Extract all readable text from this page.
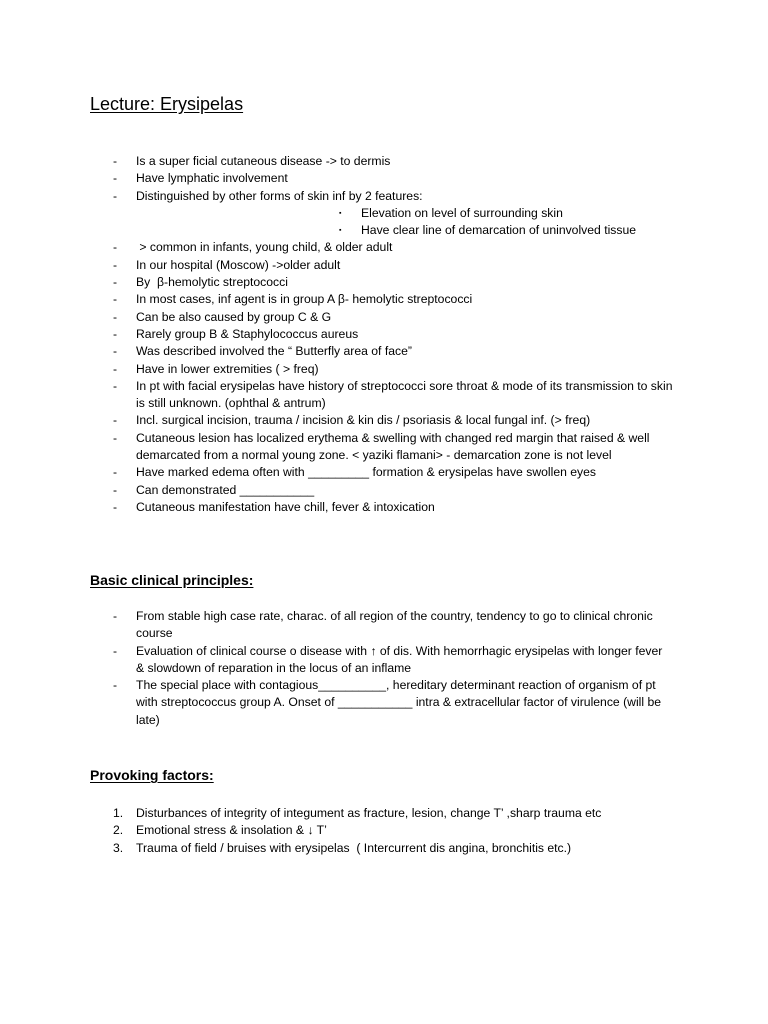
Lecture: Erysipelas
- Is a super ficial cutaneous disease -> to dermis
- Have lymphatic involvement
- Distinguished by other forms of skin inf by 2 features:
▪ Elevation on level of surrounding skin
▪ Have clear line of demarcation of uninvolved tissue
- > common in infants, young child, & older adult
- In our hospital (Moscow) ->older adult
- By  β-hemolytic streptococci
- In most cases, inf agent is in group A β- hemolytic streptococci
- Can be also caused by group C & G
- Rarely group B & Staphylococcus aureus
- Was described involved the “ Butterfly area of face”
- Have in lower extremities ( > freq)
- In pt with facial erysipelas have history of streptococci sore throat & mode of its transmission to skin is still unknown. (ophthal & antrum)
- Incl. surgical incision, trauma / incision & kin dis / psoriasis & local fungal inf. (> freq)
- Cutaneous lesion has localized erythema & swelling with changed red margin that raised & well demarcated from a normal young zone. < yaziki flamani> - demarcation zone is not level
- Have marked edema often with _________ formation & erysipelas have swollen eyes
- Can demonstrated ___________
- Cutaneous manifestation have chill, fever & intoxication
Basic clinical principles:
- From stable high case rate, charac. of all region of the country, tendency to go to clinical chronic course
- Evaluation of clinical course o disease with ↑ of dis. With hemorrhagic erysipelas with longer fever & slowdown of reparation in the locus of an inflame
- The special place with contagious__________, hereditary determinant reaction of organism of pt with streptococcus group A. Onset of ___________ intra & extracellular factor of virulence (will be late)
Provoking factors:
1. Disturbances of integrity of integument as fracture, lesion, change T’ ,sharp trauma etc
2. Emotional stress & insolation & ↓ T’
3. Trauma of field / bruises with erysipelas  ( Intercurrent dis angina, bronchitis etc.)
